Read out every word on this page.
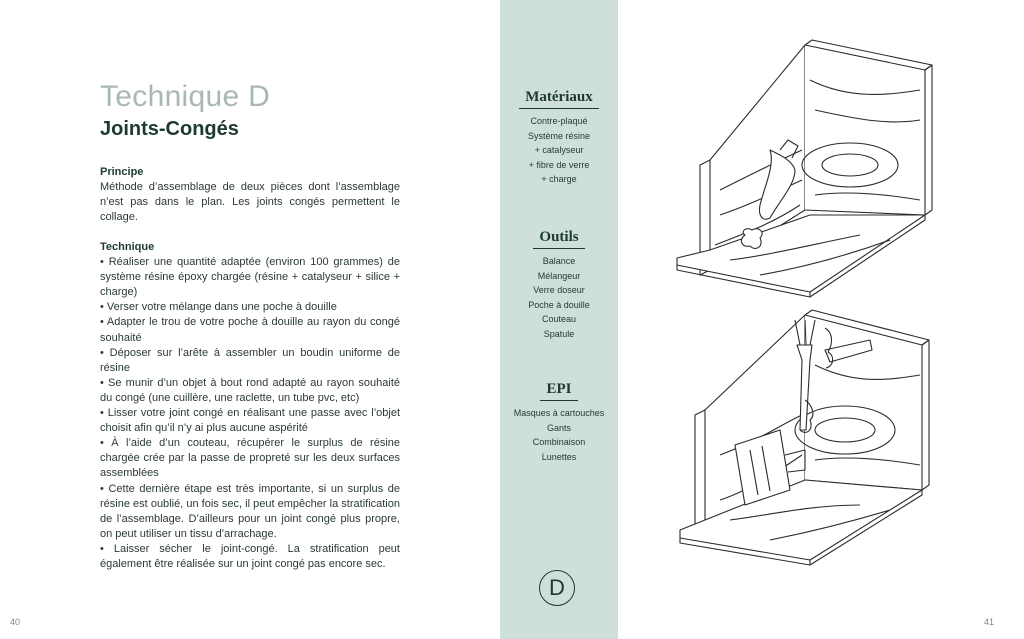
Technique D
Joints-Congés
Principe

Méthode d’assemblage de deux pièces dont l’assemblage n’est pas dans le plan. Les joints congés permettent le collage.

Technique

• Réaliser une quantité adaptée (environ 100 grammes) de système résine époxy chargée (résine + catalyseur + silice + charge)

• Verser votre mélange dans une poche à douille

• Adapter le trou de votre poche à douille au rayon du congé souhaité

• Déposer sur l’arête à assembler un boudin uniforme de résine

• Se munir d’un objet à bout rond adapté au rayon souhaité du congé (une cuillère, une raclette, un tube pvc, etc)

• Lisser votre joint congé en réalisant une passe avec l’objet choisit afin qu’il n’y ai plus aucune aspérité

• À l’aide d’un couteau, récupérer le surplus de résine chargée crée par la passe de propreté sur les deux surfaces assemblées

• Cette dernière étape est très importante, si un surplus de résine est oublié, un fois sec, il peut empêcher la stratification de l’assemblage. D’ailleurs pour un joint congé plus propre, on peut utiliser un tissu d’arrachage.

• Laisser sécher le joint-congé. La stratification peut également être réalisée sur un joint congé pas encore sec.

40
Matériaux
Contre-plaqué
Système résine
+ catalyseur
+ fibre de verre
+ charge
Outils
Balance
Mélangeur
Verre doseur
Poche à douille
Couteau
Spatule
EPI
Masques à cartouches
Gants
Combinaison
Lunettes
D
41
